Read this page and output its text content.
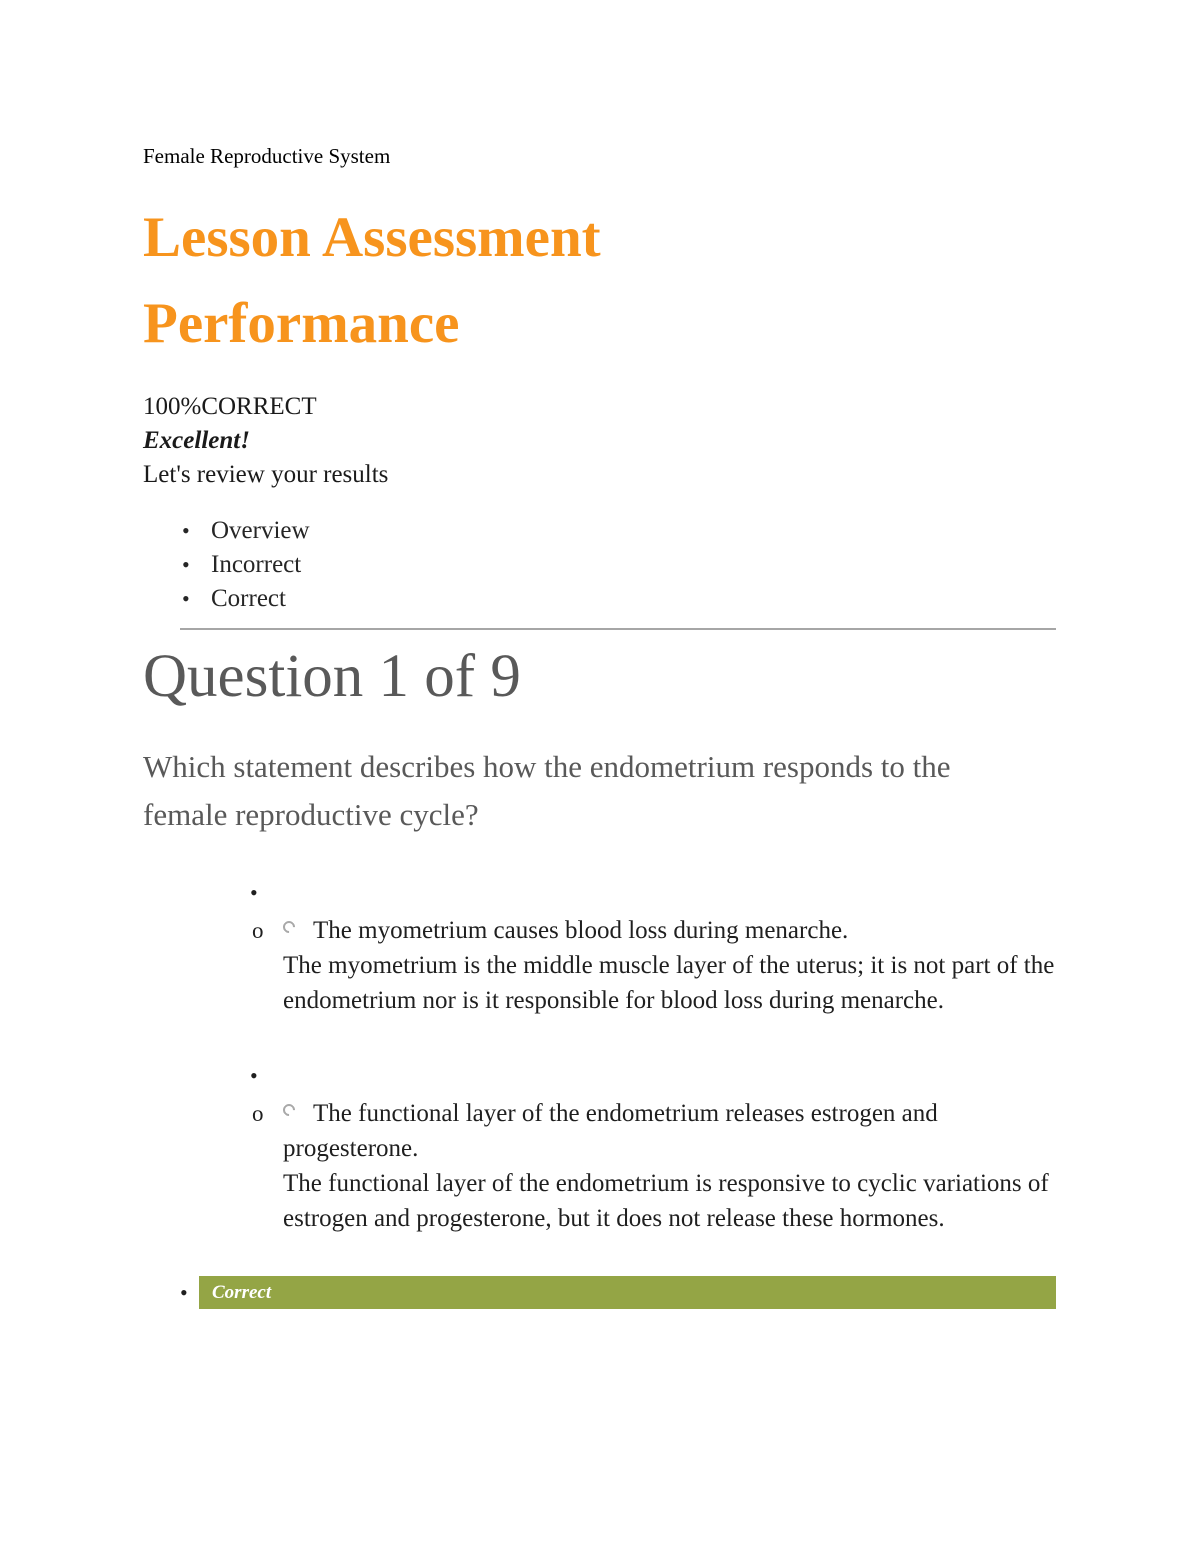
Female Reproductive System
Lesson Assessment Performance
100%CORRECT
Excellent!
Let's review your results
• Overview
• Incorrect
• Correct
Question 1 of 9

Which statement describes how the endometrium responds to the female reproductive cycle?

•
o The myometrium causes blood loss during menarche.
The myometrium is the middle muscle layer of the uterus; it is not part of the endometrium nor is it responsible for blood loss during menarche.
•
o The functional layer of the endometrium releases estrogen and progesterone.
The functional layer of the endometrium is responsive to cyclic variations of estrogen and progesterone, but it does not release these hormones.
•	Correct
